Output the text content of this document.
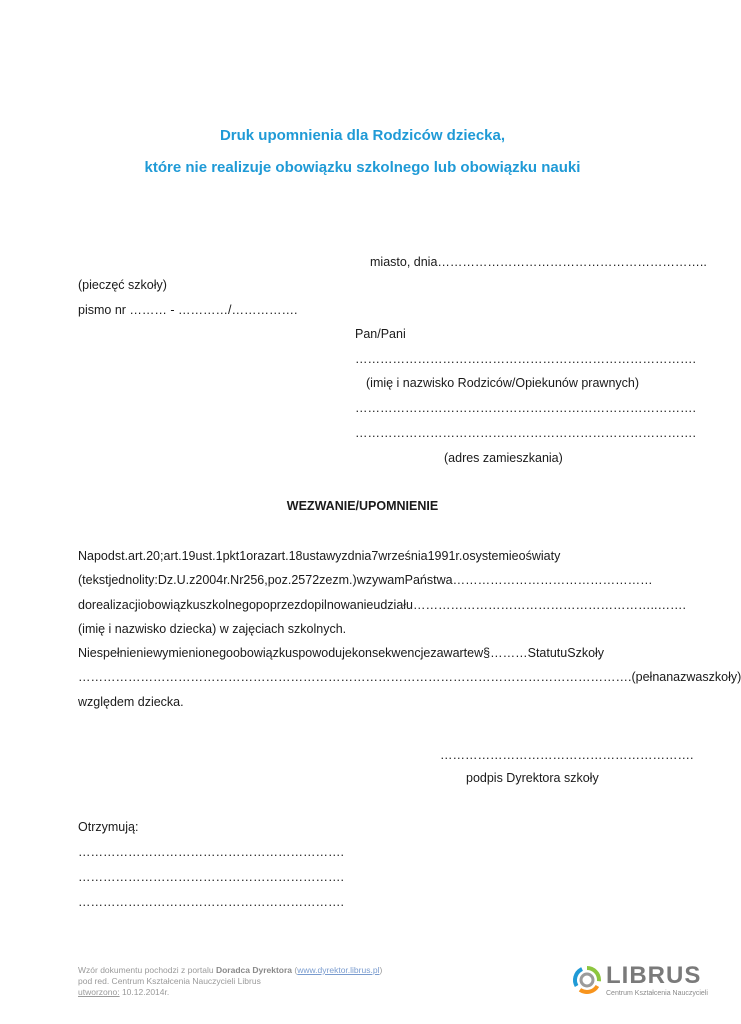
Druk upomnienia dla Rodziców dziecka,
które nie realizuje obowiązku szkolnego lub obowiązku nauki
miasto, dnia………………………………………………………..
(pieczęć szkoły)
pismo nr ……… - …………/…………….
Pan/Pani
……………………………………………………………………….
(imię i nazwisko Rodziców/Opiekunów prawnych)
……………………………………………………………………….
……………………………………………………………………….
(adres zamieszkania)
WEZWANIE/UPOMNIENIE
Napodst.art.20;art.19ust.1pkt1orazart.18ustawyzdnia7września1991r.osystemieoświaty
(tekstjednolity:Dz.U.z2004r.Nr256,poz.2572zezm.)wzywamPaństwa…………………………………………
dorealizacjiobowiązkuszkolnegopoprzezdopilnowanieudziału…………………………………………………..…….
(imię i nazwisko dziecka) w zajęciach szkolnych.
Niespełnieniewymienionegoobowiązkuspowodujekonsekwencjezawartew§………StatutuSzkoły
…………………………………………………………………………………………………………………….(pełnanazwaszkoły)
względem dziecka.
…………………………………………………….
podpis Dyrektora szkoły
Otrzymują:
……………………………………………………….
……………………………………………………….
……………………………………………………….
Wzór dokumentu pochodzi z portalu Doradca Dyrektora (www.dyrektor.librus.pl)
pod red. Centrum Kształcenia Nauczycieli Librus
utworzono: 10.12.2014r.
LIBRUS
Centrum Kształcenia Nauczycieli
